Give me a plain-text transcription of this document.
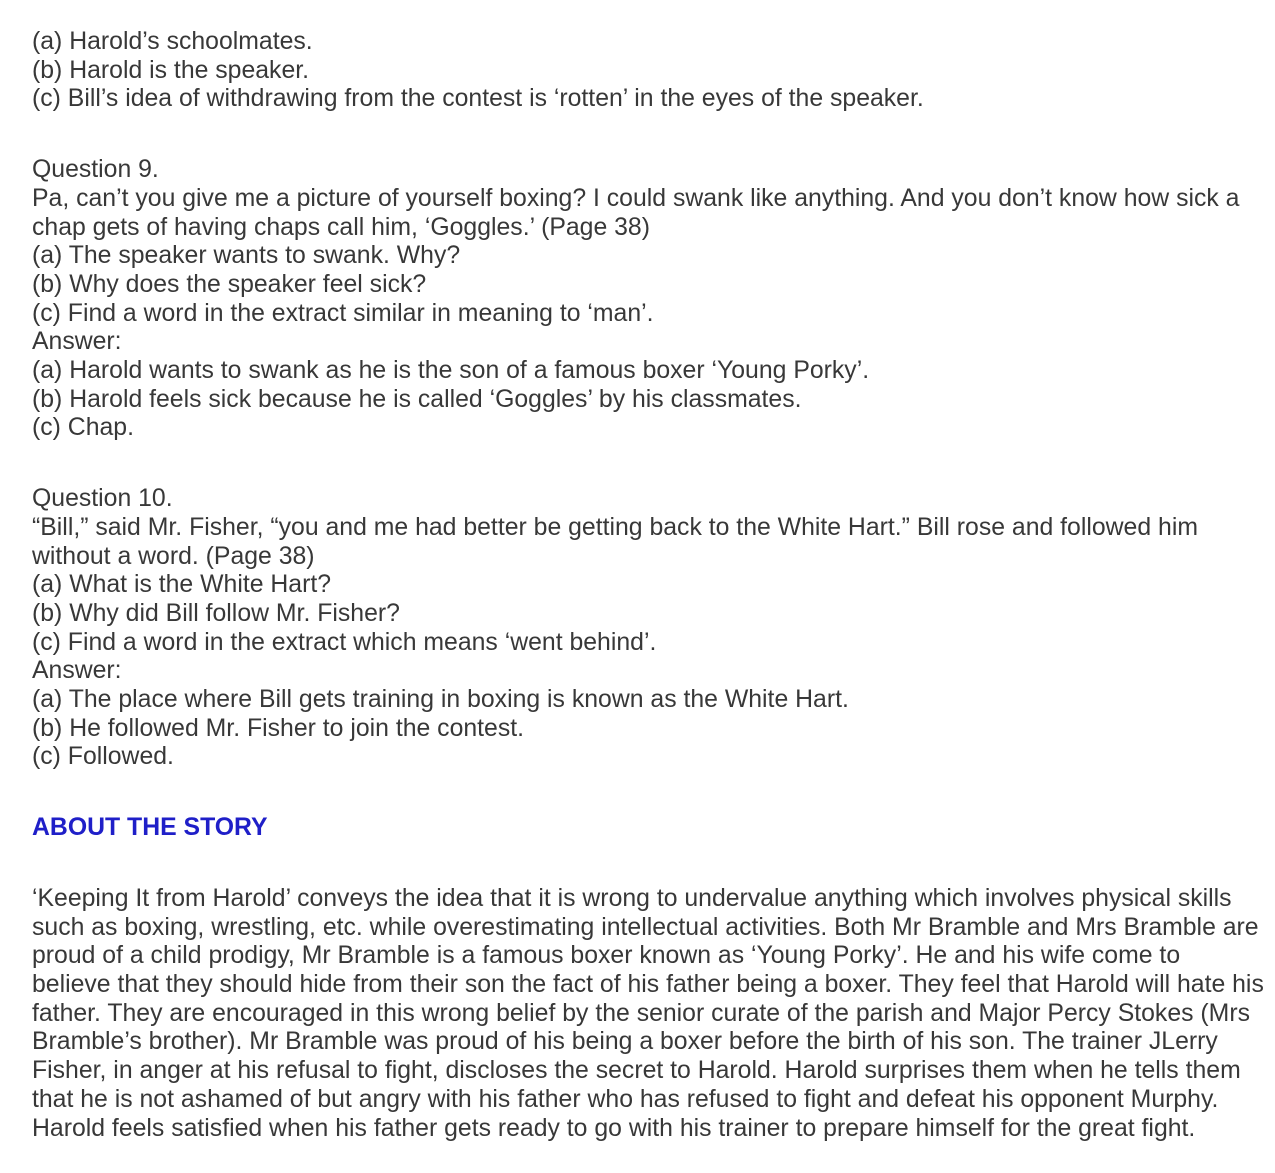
(a) Harold’s schoolmates.
(b) Harold is the speaker.
(c) Bill’s idea of withdrawing from the contest is ‘rotten’ in the eyes of the speaker.
Question 9.
Pa, can’t you give me a picture of yourself boxing? I could swank like anything. And you don’t know how sick a
chap gets of having chaps call him, ‘Goggles.’ (Page 38)
(a) The speaker wants to swank. Why?
(b) Why does the speaker feel sick?
(c) Find a word in the extract similar in meaning to ‘man’.
Answer:
(a) Harold wants to swank as he is the son of a famous boxer ‘Young Porky’.
(b) Harold feels sick because he is called ‘Goggles’ by his classmates.
(c) Chap.
Question 10.
“Bill,” said Mr. Fisher, “you and me had better be getting back to the White Hart.” Bill rose and followed him
without a word. (Page 38)
(a) What is the White Hart?
(b) Why did Bill follow Mr. Fisher?
(c) Find a word in the extract which means ‘went behind’.
Answer:
(a) The place where Bill gets training in boxing is known as the White Hart.
(b) He followed Mr. Fisher to join the contest.
(c) Followed.
ABOUT THE STORY
‘Keeping It from Harold’ conveys the idea that it is wrong to undervalue anything which involves physical skills
such as boxing, wrestling, etc. while overestimating intellectual activities. Both Mr Bramble and Mrs Bramble are
proud of a child prodigy, Mr Bramble is a famous boxer known as ‘Young Porky’. He and his wife come to
believe that they should hide from their son the fact of his father being a boxer. They feel that Harold will hate his
father. They are encouraged in this wrong belief by the senior curate of the parish and Major Percy Stokes (Mrs
Bramble’s brother). Mr Bramble was proud of his being a boxer before the birth of his son. The trainer JLerry
Fisher, in anger at his refusal to fight, discloses the secret to Harold. Harold surprises them when he tells them
that he is not ashamed of but angry with his father who has refused to fight and defeat his opponent Murphy.
Harold feels satisfied when his father gets ready to go with his trainer to prepare himself for the great fight.
